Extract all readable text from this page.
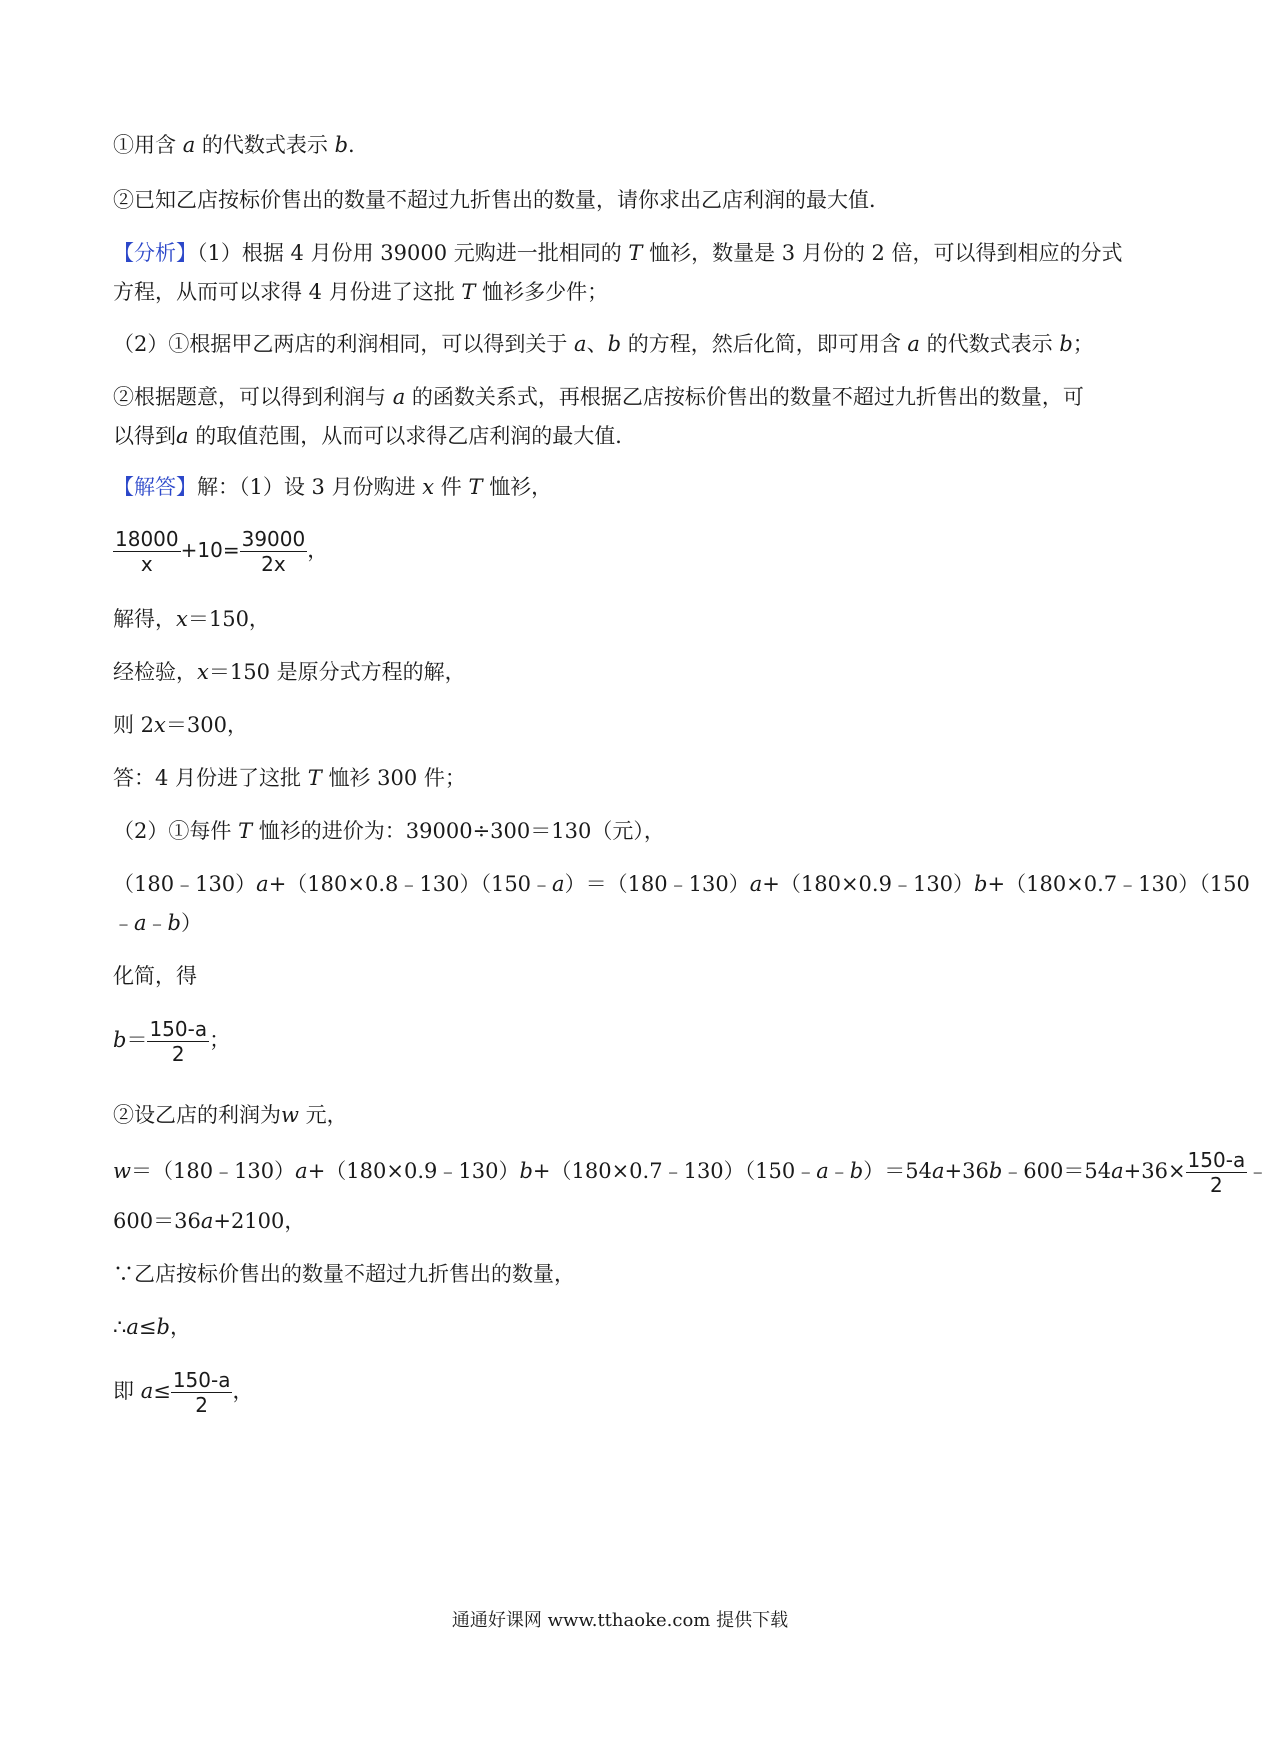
①用含 a 的代数式表示 b.
②已知乙店按标价售出的数量不超过九折售出的数量，请你求出乙店利润的最大值．
【分析】（1）根据 4 月份用 39000 元购进一批相同的 T 恤衫，数量是 3 月份的 2 倍，可以得到相应的分式
方程，从而可以求得 4 月份进了这批 T 恤衫多少件；
（2）①根据甲乙两店的利润相同，可以得到关于 a、b 的方程，然后化简，即可用含 a 的代数式表示 b；
②根据题意，可以得到利润与 a 的函数关系式，再根据乙店按标价售出的数量不超过九折售出的数量，可
以得到a 的取值范围，从而可以求得乙店利润的最大值．
【解答】解：（1）设 3 月份购进 x 件 T 恤衫，
$\frac{18000}{x} +10= \frac{39000}{2x}$ ，
解得，x＝150，
经检验，x＝150 是原分式方程的解，
则 2x＝300，
答：4 月份进了这批 T 恤衫 300 件；
（2）①每件 T 恤衫的进价为：39000÷300＝130（元），
（180﹣130）a+（180×0.8﹣130）（150﹣a）＝（180﹣130）a+（180×0.9﹣130）b+（180×0.7﹣130）（150
﹣a﹣b）
化简，得
$b= \frac{150-a}{2}$ ；
②设乙店的利润为w 元，
w＝（180﹣130）a+（180×0.9﹣130）b+（180×0.7﹣130）（150﹣a﹣b）＝54a+36b﹣600＝54a+36× $\frac{150-a}{2}$ ﹣
600＝36a+2100，
∵乙店按标价售出的数量不超过九折售出的数量，
∴a≤b，
即 $a\le \frac{150-a}{2}$ ，
通通好课网 www.tthaoke.com 提供下载
